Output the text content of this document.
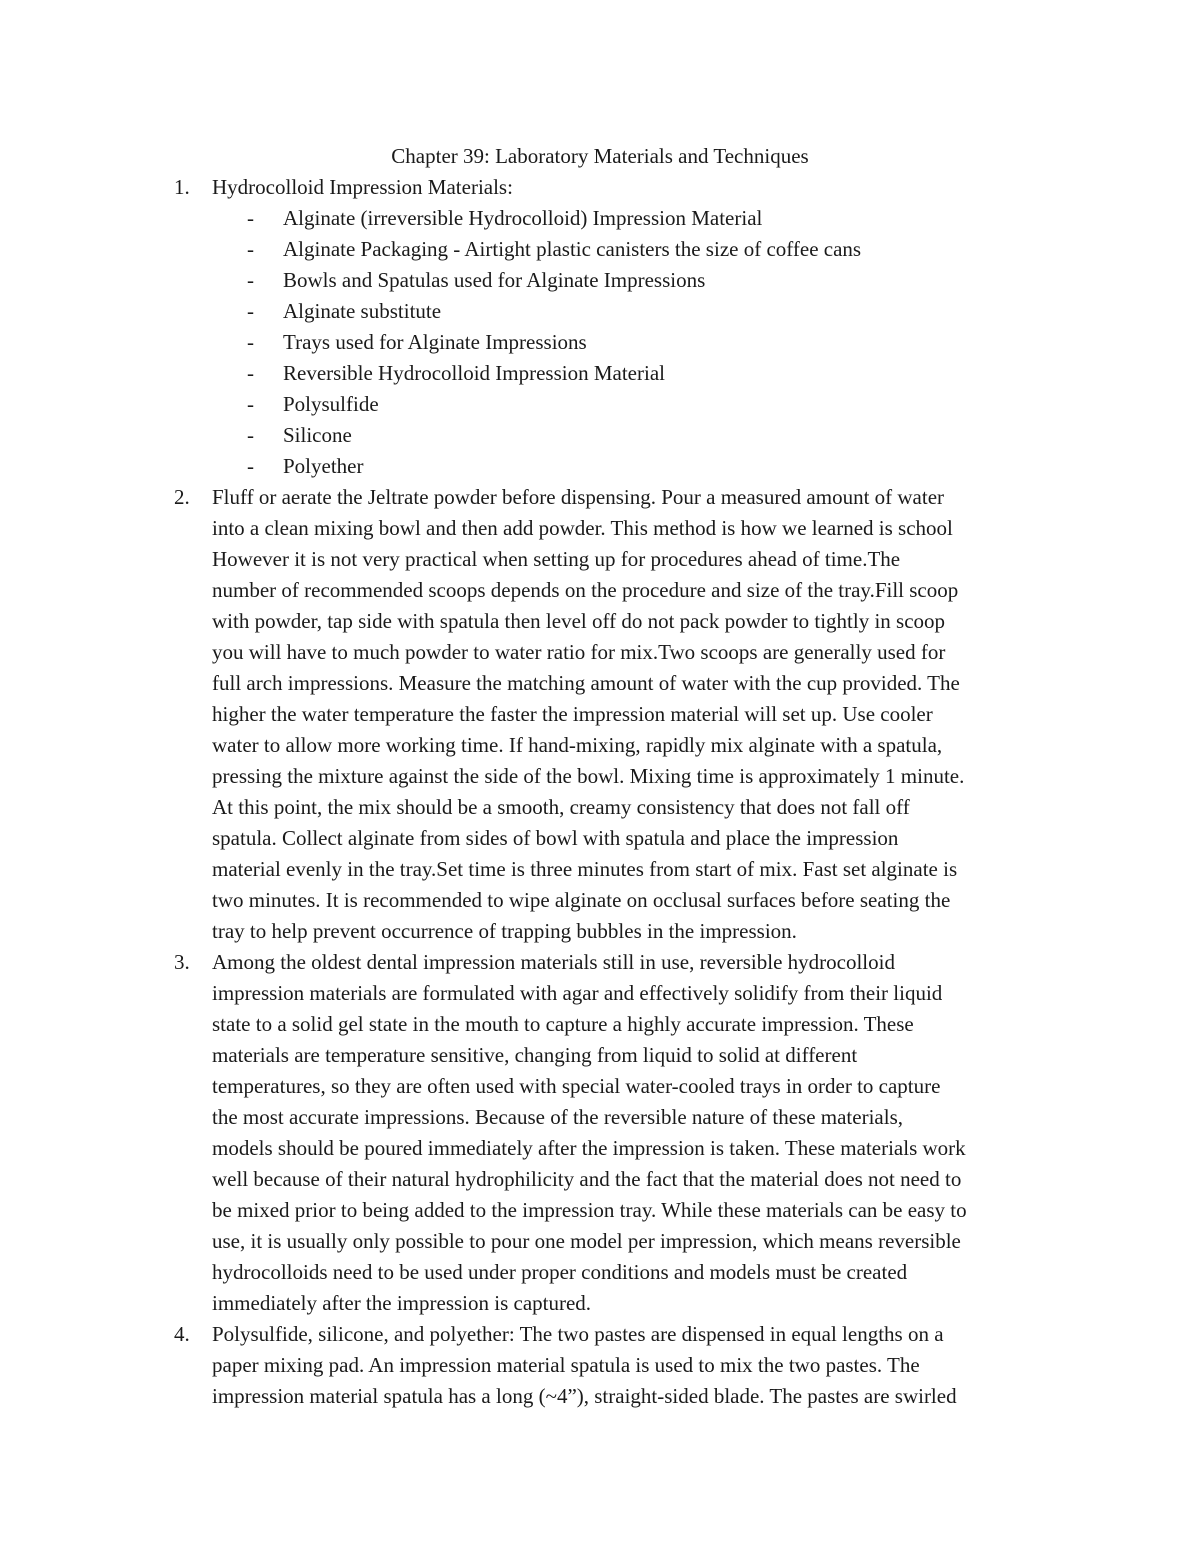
Chapter 39: Laboratory Materials and Techniques
1.	Hydrocolloid Impression Materials:
- Alginate (irreversible Hydrocolloid) Impression Material
- Alginate Packaging - Airtight plastic canisters the size of coffee cans
- Bowls and Spatulas used for Alginate Impressions
- Alginate substitute
- Trays used for Alginate Impressions
- Reversible Hydrocolloid Impression Material
- Polysulfide
- Silicone
- Polyether
2.	Fluff or aerate the Jeltrate powder before dispensing. Pour a measured amount of water
into a clean mixing bowl and then add powder. This method is how we learned is school
However it is not very practical when setting up for procedures ahead of time.The
number of recommended scoops depends on the procedure and size of the tray.Fill scoop
with powder, tap side with spatula then level off do not pack powder to tightly in scoop
you will have to much powder to water ratio for mix.Two scoops are generally used for
full arch impressions. Measure the matching amount of water with the cup provided. The
higher the water temperature the faster the impression material will set up. Use cooler
water to allow more working time. If hand-mixing, rapidly mix alginate with a spatula,
pressing the mixture against the side of the bowl. Mixing time is approximately 1 minute.
At this point, the mix should be a smooth, creamy consistency that does not fall off
spatula. Collect alginate from sides of bowl with spatula and place the impression
material evenly in the tray.Set time is three minutes from start of mix. Fast set alginate is
two minutes. It is recommended to wipe alginate on occlusal surfaces before seating the
tray to help prevent occurrence of trapping bubbles in the impression.
3.	Among the oldest dental impression materials still in use, reversible hydrocolloid
impression materials are formulated with agar and effectively solidify from their liquid
state to a solid gel state in the mouth to capture a highly accurate impression. These
materials are temperature sensitive, changing from liquid to solid at different
temperatures, so they are often used with special water-cooled trays in order to capture
the most accurate impressions. Because of the reversible nature of these materials,
models should be poured immediately after the impression is taken. These materials work
well because of their natural hydrophilicity and the fact that the material does not need to
be mixed prior to being added to the impression tray. While these materials can be easy to
use, it is usually only possible to pour one model per impression, which means reversible
hydrocolloids need to be used under proper conditions and models must be created
immediately after the impression is captured.
4.	Polysulfide, silicone, and polyether: The two pastes are dispensed in equal lengths on a
paper mixing pad. An impression material spatula is used to mix the two pastes. The
impression material spatula has a long (~4”), straight-sided blade. The pastes are swirled
